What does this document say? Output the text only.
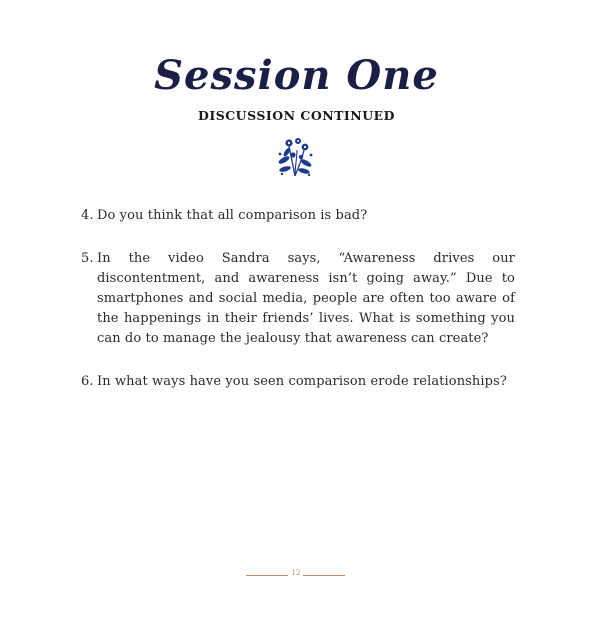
Session One
DISCUSSION CONTINUED
4. Do you think that all comparison is bad?
5. In the video Sandra says, “Awareness drives our discontentment, and awareness isn’t going away.” Due to smartphones and social media, people are often too aware of the happenings in their friends’ lives. What is something you can do to manage the jealousy that awareness can create?
6. In what ways have you seen comparison erode relationships?
12
